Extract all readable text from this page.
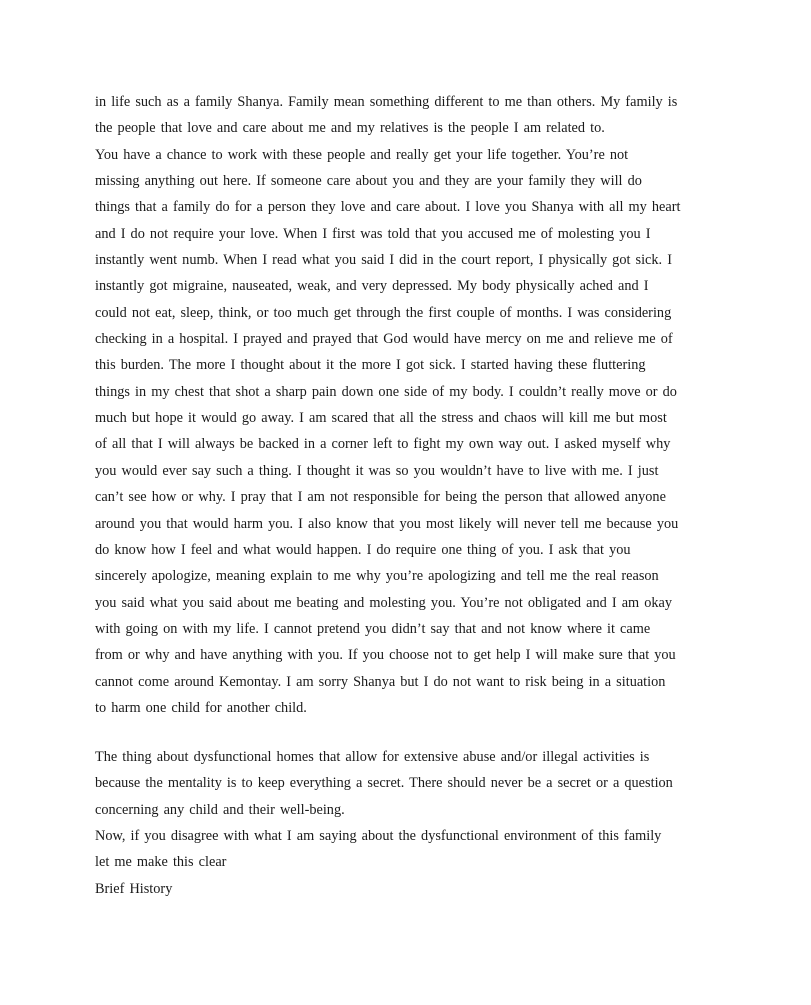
in life such as a family Shanya. Family mean something different to me than others. My family is
the people that love and care about me and my relatives is the people I am related to.
You have a chance to work with these people and really get your life together. You’re not
missing anything out here. If someone care about you and they are your family they will do
things that a family do for a person they love and care about. I love you Shanya with all my heart
and I do not require your love. When I first was told that you accused me of molesting you I
instantly went numb. When I read what you said I did in the court report, I physically got sick. I
instantly got migraine, nauseated, weak, and very depressed. My body physically ached and I
could not eat, sleep, think, or too much get through the first couple of months. I was considering
checking in a hospital. I prayed and prayed that God would have mercy on me and relieve me of
this burden. The more I thought about it the more I got sick. I started having these fluttering
things in my chest that shot a sharp pain down one side of my body. I couldn’t really move or do
much but hope it would go away. I am scared that all the stress and chaos will kill me but most
of all that I will always be backed in a corner left to fight my own way out. I asked myself why
you would ever say such a thing. I thought it was so you wouldn’t have to live with me. I just
can’t see how or why. I pray that I am not responsible for being the person that allowed anyone
around you that would harm you. I also know that you most likely will never tell me because you
do know how I feel and what would happen. I do require one thing of you. I ask that you
sincerely apologize, meaning explain to me why you’re apologizing and tell me the real reason
you said what you said about me beating and molesting you. You’re not obligated and I am okay
with going on with my life. I cannot pretend you didn’t say that and not know where it came
from or why and have anything with you. If you choose not to get help I will make sure that you
cannot come around Kemontay. I am sorry Shanya but I do not want to risk being in a situation
to harm one child for another child.
The thing about dysfunctional homes that allow for extensive abuse and/or illegal activities is
because the mentality is to keep everything a secret. There should never be a secret or a question
concerning any child and their well-being.
Now, if you disagree with what I am saying about the dysfunctional environment of this family
let me make this clear
Brief History
